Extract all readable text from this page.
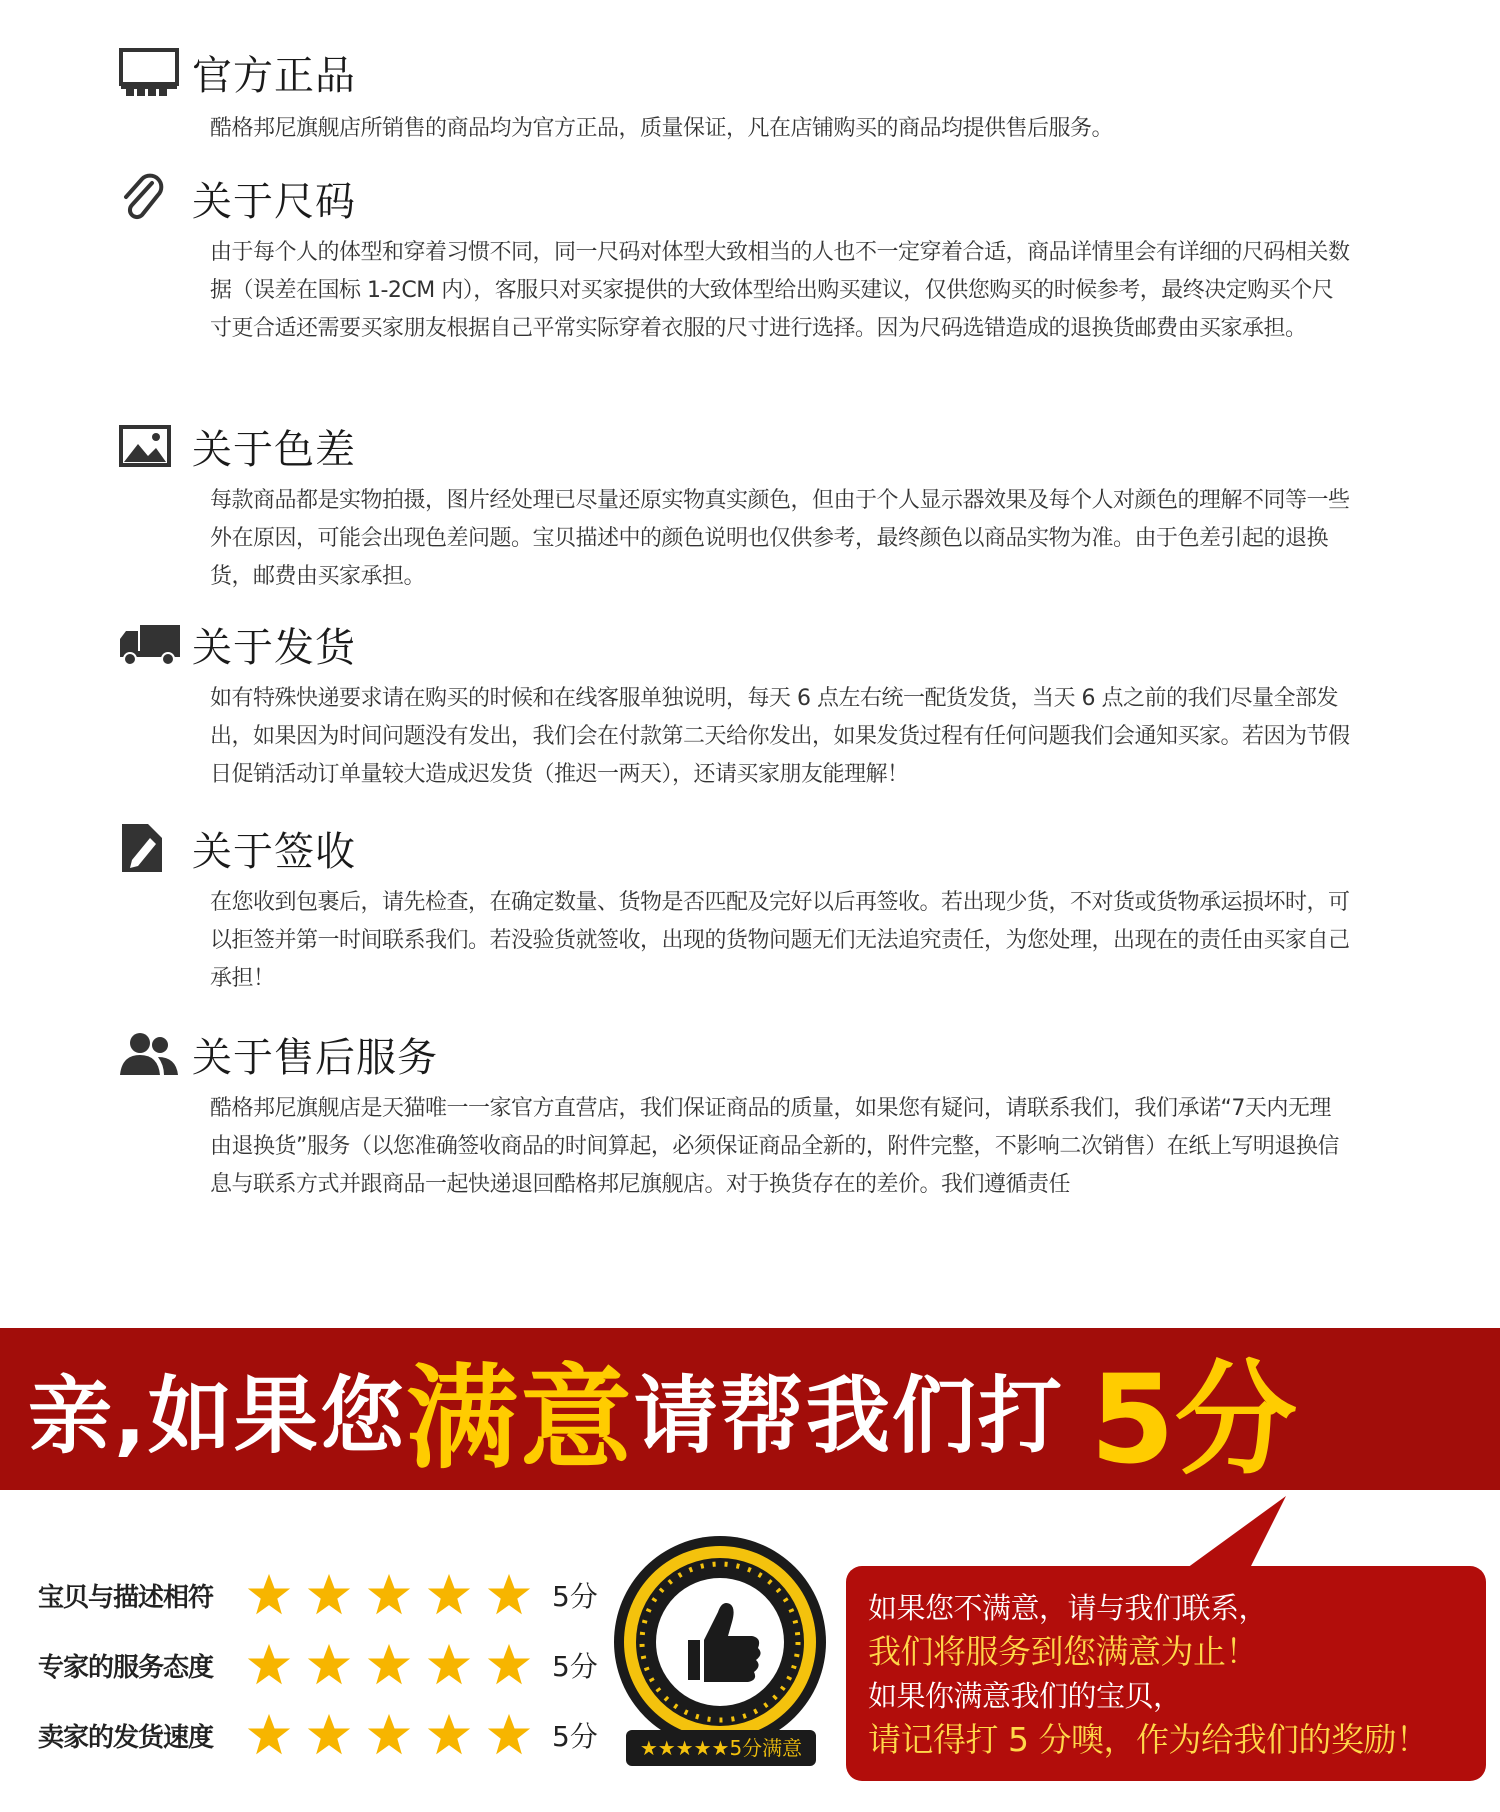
官方正品
酷格邦尼旗舰店所销售的商品均为官方正品，质量保证，凡在店铺购买的商品均提供售后服务。
关于尺码
由于每个人的体型和穿着习惯不同，同一尺码对体型大致相当的人也不一定穿着合适，商品详情里会有详细的尺码相关数据（误差在国标 1-2CM 内），客服只对买家提供的大致体型给出购买建议，仅供您购买的时候参考，最终决定购买个尺寸更合适还需要买家朋友根据自己平常实际穿着衣服的尺寸进行选择。因为尺码选错造成的退换货邮费由买家承担。
关于色差
每款商品都是实物拍摄，图片经处理已尽量还原实物真实颜色，但由于个人显示器效果及每个人对颜色的理解不同等一些外在原因，可能会出现色差问题。宝贝描述中的颜色说明也仅供参考，最终颜色以商品实物为准。由于色差引起的退换货，邮费由买家承担。
关于发货
如有特殊快递要求请在购买的时候和在线客服单独说明，每天 6 点左右统一配货发货，当天 6 点之前的我们尽量全部发出，如果因为时间问题没有发出，我们会在付款第二天给你发出，如果发货过程有任何问题我们会通知买家。若因为节假日促销活动订单量较大造成迟发货（推迟一两天），还请买家朋友能理解！
关于签收
在您收到包裹后，请先检查，在确定数量、货物是否匹配及完好以后再签收。若出现少货，不对货或货物承运损坏时，可以拒签并第一时间联系我们。若没验货就签收，出现的货物问题无们无法追究责任，为您处理，出现在的责任由买家自己承担！
关于售后服务
酷格邦尼旗舰店是天猫唯一一家官方直营店，我们保证商品的质量，如果您有疑问，请联系我们，我们承诺“7天内无理由退换货”服务（以您准确签收商品的时间算起，必须保证商品全新的，附件完整，不影响二次销售）在纸上写明退换信息与联系方式并跟商品一起快递退回酷格邦尼旗舰店。对于换货存在的差价。我们遵循责任
亲,如果您 满意 请帮我们打 5分
宝贝与描述相符	5分
专家的服务态度	5分
卖家的发货速度	5分	★★★★★5分满意
如果您不满意，请与我们联系，
我们将服务到您满意为止！
如果你满意我们的宝贝，
请记得打 5 分噢，作为给我们的奖励！
